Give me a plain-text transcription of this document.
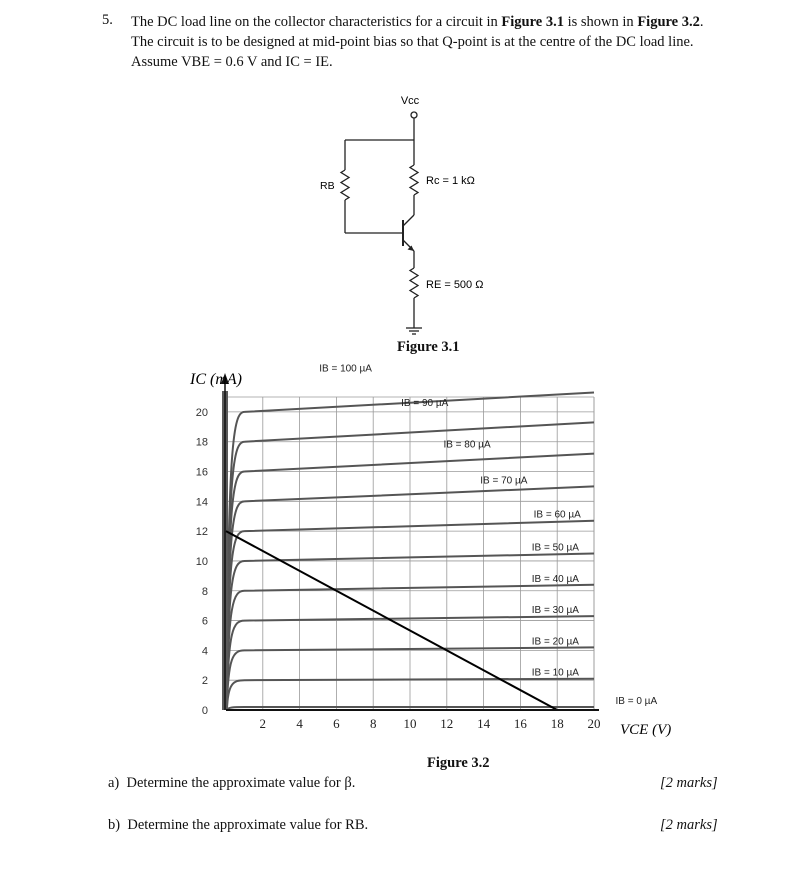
5. The DC load line on the collector characteristics for a circuit in Figure 3.1 is shown in Figure 3.2.
The circuit is to be designed at mid-point bias so that Q-point is at the centre of the DC load line.
Assume VBE = 0.6 V and IC = IE.
Vcc
RB	Rc = 1 kΩ
RE = 500 Ω
Figure 3.1
0
2
4
6
8
10
12
14
16
18
20
2 4 6 8 10 12 14 16 18 20
IB = 100 µA
IB = 90 µA
IB = 80 µA
IB = 70 µA
IB = 60 µA
IB = 50 µA
IB = 40 µA
IB = 30 µA
IB = 20 µA
IB = 10 µA
IB = 0 µA
IC (mA)
VCE (V)
Figure 3.2
a) Determine the approximate value for β.	[2 marks]
b) Determine the approximate value for RB.	[2 marks]
